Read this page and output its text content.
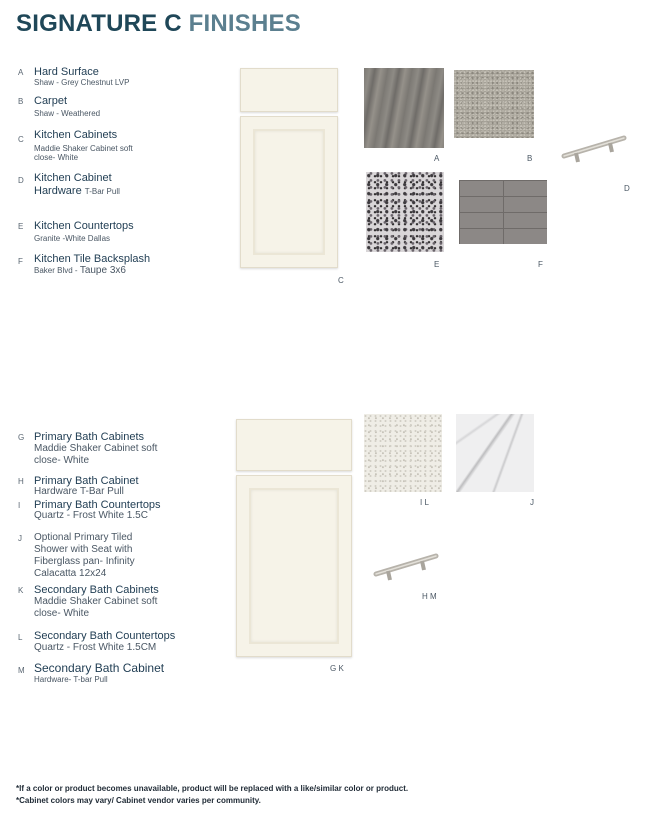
SIGNATURE C FINISHES
A Hard Surface
Shaw - Grey Chestnut LVP
B Carpet
Shaw - Weathered
C Kitchen Cabinets
Maddie Shaker Cabinet soft
close- White
D Kitchen Cabinet
Hardware T-Bar Pull
E Kitchen Countertops
Granite -White Dallas
F Kitchen Tile Backsplash
Baker Blvd - Taupe 3x6
C
A	B
D
E	F
G Primary Bath Cabinets
Maddie Shaker Cabinet soft
close- White
H Primary Bath Cabinet
Hardware T-Bar Pull
I Primary Bath Countertops
Quartz - Frost White 1.5C
J Optional Primary Tiled
Shower with Seat with
Fiberglass pan- Infinity
Calacatta 12x24
K Secondary Bath Cabinets
Maddie Shaker Cabinet soft
close- White
L Secondary Bath Countertops
Quartz - Frost White 1.5CM
M Secondary Bath Cabinet
Hardware- T-bar Pull
G K
I L	J
H M
*If a color or product becomes unavailable, product will be replaced with a like/similar color or product.
*Cabinet colors may vary/ Cabinet vendor varies per community.
